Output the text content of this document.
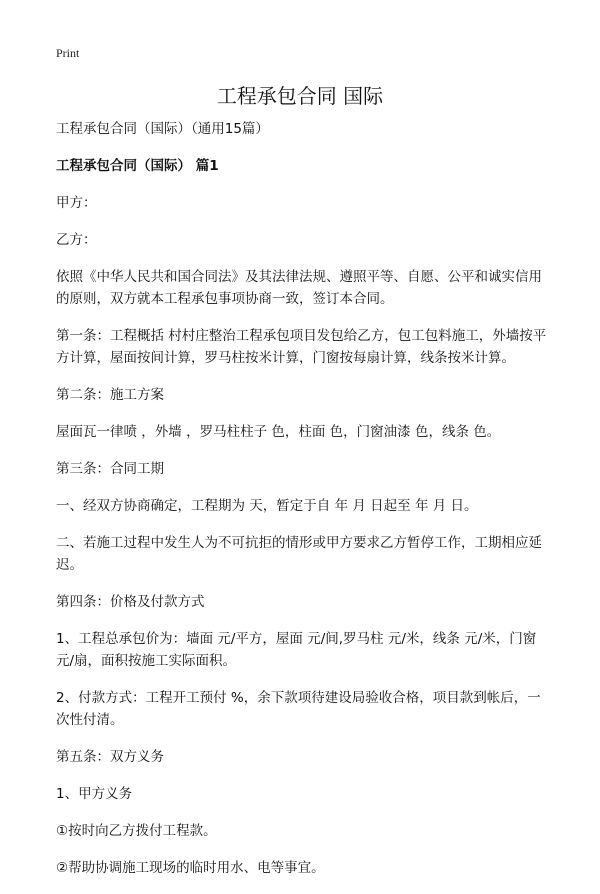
Print
工程承包合同 国际

工程承包合同（国际）（通用15篇）

工程承包合同（国际） 篇1

甲方：

乙方：

依照《中华人民共和国合同法》及其法律法规、遵照平等、自愿、公平和诚实信用的原则，双方就本工程承包事项协商一致，签订本合同。

第一条：工程概括 村村庄整治工程承包项目发包给乙方，包工包料施工，外墙按平方计算，屋面按间计算，罗马柱按米计算，门窗按每扇计算，线条按米计算。

第二条：施工方案

屋面瓦一律喷 ，外墙 ，罗马柱柱子 色，柱面 色，门窗油漆 色，线条 色。

第三条：合同工期

一、经双方协商确定，工程期为 天，暂定于自 年 月 日起至 年 月 日。

二、若施工过程中发生人为不可抗拒的情形或甲方要求乙方暂停工作，工期相应延迟。

第四条：价格及付款方式

1、工程总承包价为：墙面 元/平方，屋面 元/间,罗马柱 元/米，线条 元/米，门窗 元/扇，面积按施工实际面积。

2、付款方式：工程开工预付 %，余下款项待建设局验收合格，项目款到帐后，一次性付清。

第五条：双方义务

1、甲方义务

①按时向乙方拨付工程款。

②帮助协调施工现场的临时用水、电等事宜。
